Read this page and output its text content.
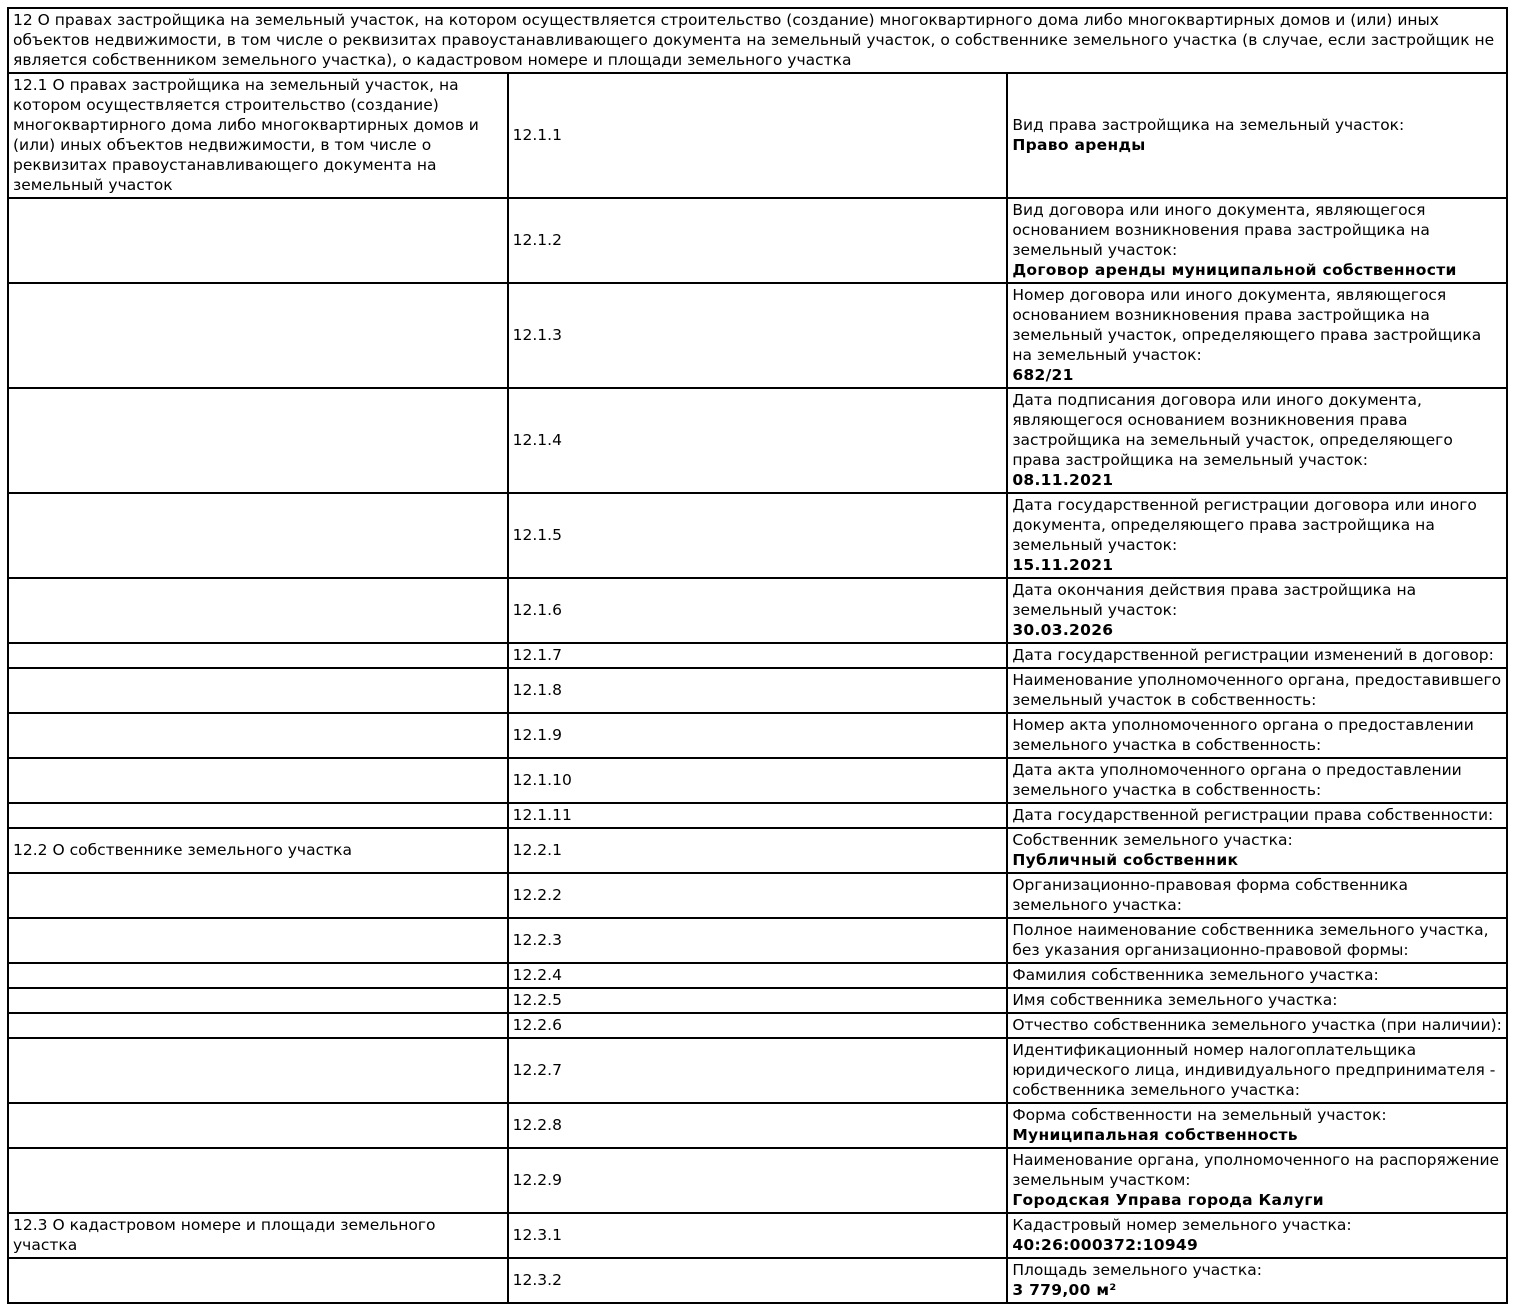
12 О правах застройщика на земельный участок, на котором осуществляется строительство (создание) многоквартирного дома либо многоквартирных домов и (или) иных объектов недвижимости, в том числе о реквизитах правоустанавливающего документа на земельный участок, о собственнике земельного участка (в случае, если застройщик не является собственником земельного участка), о кадастровом номере и площади земельного участка		
12.1 О правах застройщика на земельный участок, на котором осуществляется строительство (создание) многоквартирного дома либо многоквартирных домов и (или) иных объектов недвижимости, в том числе о реквизитах правоустанавливающего документа на земельный участок	12.1.1	Вид права застройщика на земельный участок:
Право аренды

	12.1.2	Вид договора или иного документа, являющегося основанием возникновения права застройщика на земельный участок:
Договор аренды муниципальной собственности

	12.1.3	Номер договора или иного документа, являющегося основанием возникновения права застройщика на земельный участок, определяющего права застройщика на земельный участок:
682/21

	12.1.4	Дата подписания договора или иного документа, являющегося основанием возникновения права застройщика на земельный участок, определяющего права застройщика на земельный участок:
08.11.2021

	12.1.5	Дата государственной регистрации договора или иного документа, определяющего права застройщика на земельный участок:
15.11.2021

	12.1.6	Дата окончания действия права застройщика на земельный участок:
30.03.2026

	12.1.7	Дата государственной регистрации изменений в договор:
	12.1.8	Наименование уполномоченного органа, предоставившего земельный участок в собственность:
	12.1.9	Номер акта уполномоченного органа о предоставлении земельного участка в собственность:
	12.1.10	Дата акта уполномоченного органа о предоставлении земельного участка в собственность:
	12.1.11	Дата государственной регистрации права собственности:
12.2 О собственнике земельного участка	12.2.1	Собственник земельного участка:
Публичный собственник

	12.2.2	Организационно-правовая форма собственника земельного участка:
	12.2.3	Полное наименование собственника земельного участка, без указания организационно-правовой формы:
	12.2.4	Фамилия собственника земельного участка:
	12.2.5	Имя собственника земельного участка:
	12.2.6	Отчество собственника земельного участка (при наличии):
	12.2.7	Идентификационный номер налогоплательщика юридического лица, индивидуального предпринимателя - собственника земельного участка:
	12.2.8	Форма собственности на земельный участок:
Муниципальная собственность

	12.2.9	Наименование органа, уполномоченного на распоряжение земельным участком:
Городская Управа города Калуги

12.3 О кадастровом номере и площади земельного участка	12.3.1	Кадастровый номер земельного участка:
40:26:000372:10949

	12.3.2	Площадь земельного участка:
3 779,00 м²
